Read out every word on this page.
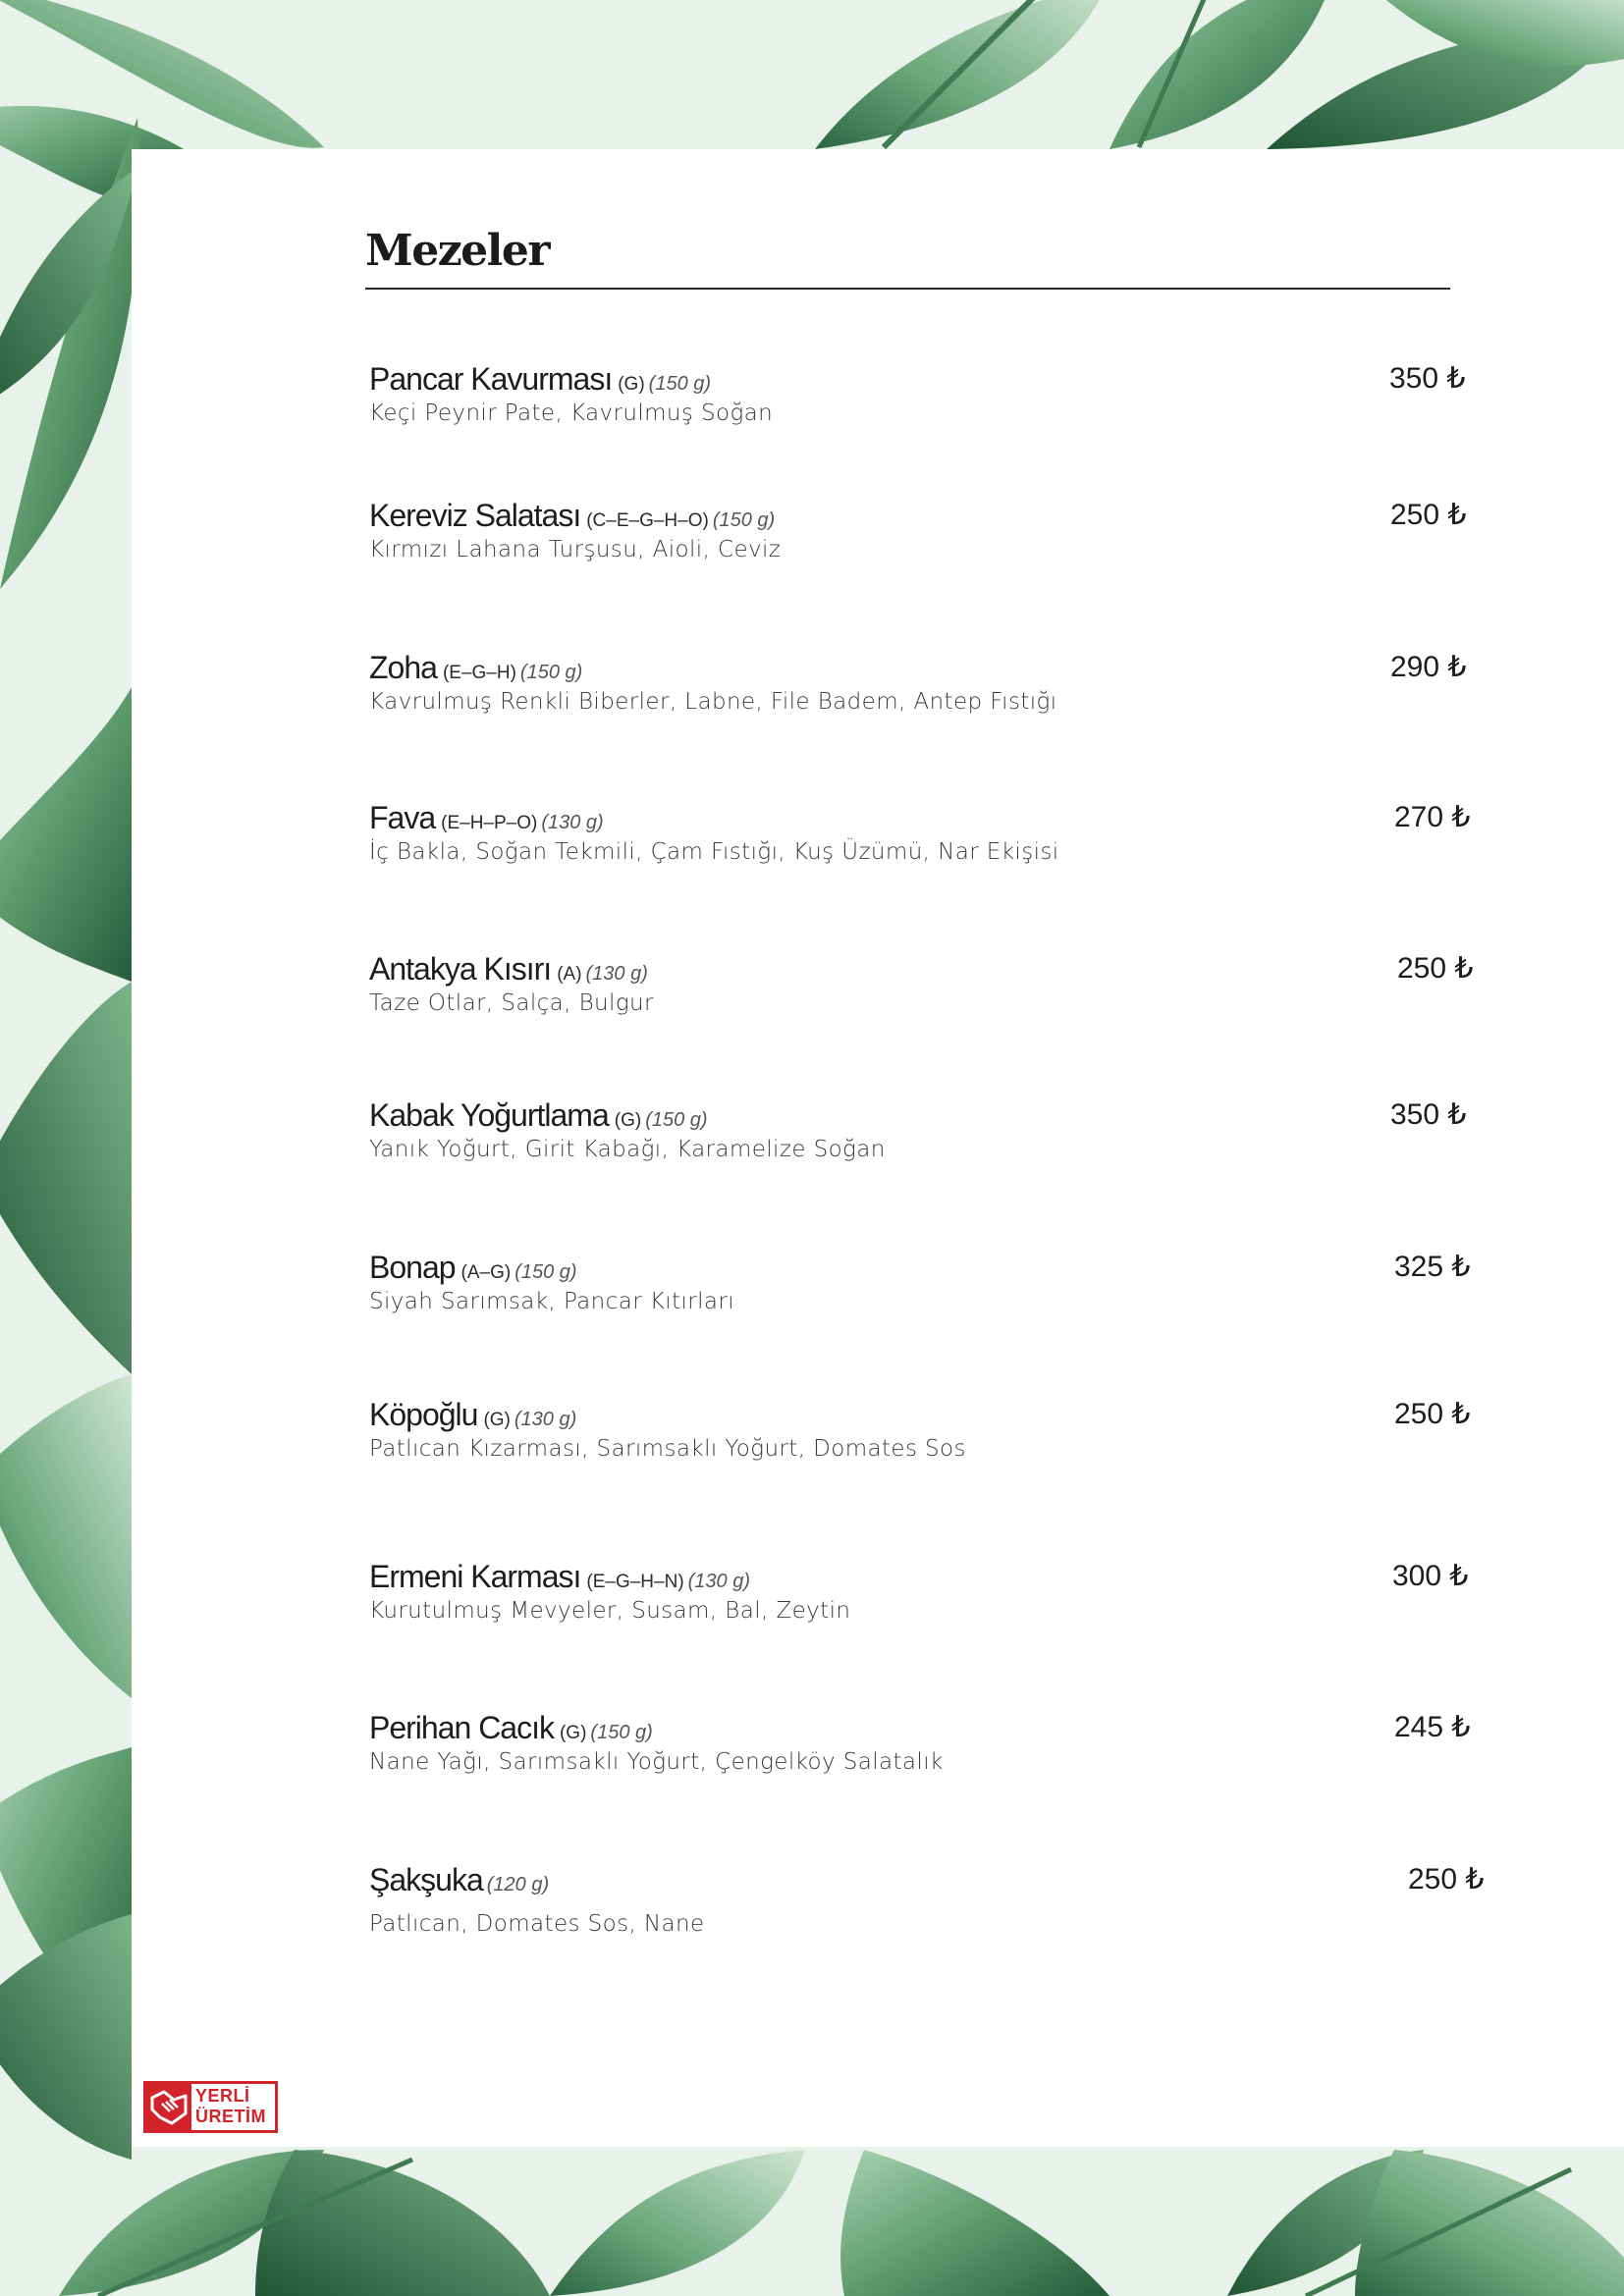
Mezeler
Pancar Kavurması (G) (150 g)
Keçi Peynir Pate, Kavrulmuş Soğan
350 ₺
Kereviz Salatası (C–E–G–H–O) (150 g)
Kırmızı Lahana Turşusu, Aioli, Ceviz
250 ₺
Zoha (E–G–H) (150 g)
Kavrulmuş Renkli Biberler, Labne, File Badem, Antep Fıstığı
290 ₺
Fava (E–H–P–O) (130 g)
İç Bakla, Soğan Tekmili, Çam Fıstığı, Kuş Üzümü, Nar Ekişisi
270 ₺
Antakya Kısırı (A) (130 g)
Taze Otlar, Salça, Bulgur
250 ₺
Kabak Yoğurtlama (G) (150 g)
Yanık Yoğurt, Girit Kabağı, Karamelize Soğan
350 ₺
Bonap (A–G) (150 g)
Siyah Sarımsak, Pancar Kıtırları
325 ₺
Köpoğlu (G) (130 g)
Patlıcan Kızarması, Sarımsaklı Yoğurt, Domates Sos
250 ₺
Ermeni Karması (E–G–H–N) (130 g)
Kurutulmuş Mevyeler, Susam, Bal, Zeytin
300 ₺
Perihan Cacık (G) (150 g)
Nane Yağı, Sarımsaklı Yoğurt, Çengelköy Salatalık
245 ₺
Şakşuka (120 g)
Patlıcan, Domates Sos, Nane
250 ₺
YERLİ
ÜRETİM
